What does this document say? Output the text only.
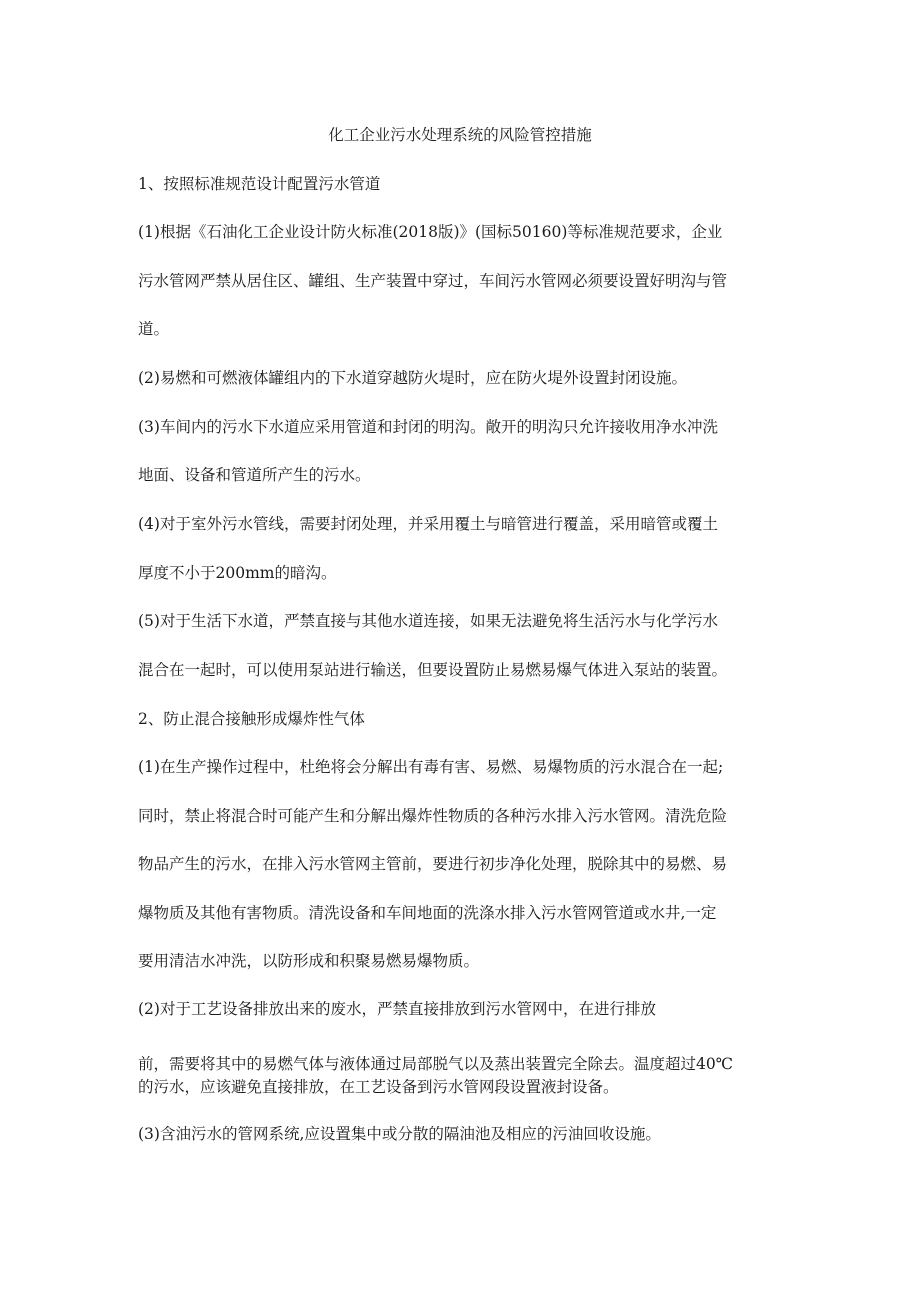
化工企业污水处理系统的风险管控措施
1、按照标准规范设计配置污水管道
(1)根据《石油化工企业设计防火标准(2018版)》(国标50160)等标准规范要求，企业
污水管网严禁从居住区、罐组、生产装置中穿过，车间污水管网必须要设置好明沟与管
道。
(2)易燃和可燃液体罐组内的下水道穿越防火堤时，应在防火堤外设置封闭设施。
(3)车间内的污水下水道应采用管道和封闭的明沟。敞开的明沟只允许接收用净水冲洗
地面、设备和管道所产生的污水。
(4)对于室外污水管线，需要封闭处理，并采用覆土与暗管进行覆盖，采用暗管或覆土
厚度不小于200mm的暗沟。
(5)对于生活下水道，严禁直接与其他水道连接，如果无法避免将生活污水与化学污水
混合在一起时，可以使用泵站进行输送，但要设置防止易燃易爆气体进入泵站的装置。
2、防止混合接触形成爆炸性气体
(1)在生产操作过程中，杜绝将会分解出有毒有害、易燃、易爆物质的污水混合在一起;
同时，禁止将混合时可能产生和分解出爆炸性物质的各种污水排入污水管网。清洗危险
物品产生的污水，在排入污水管网主管前，要进行初步净化处理，脱除其中的易燃、易
爆物质及其他有害物质。清洗设备和车间地面的洗涤水排入污水管网管道或水井,一定
要用清洁水冲洗，以防形成和积聚易燃易爆物质。
(2)对于工艺设备排放出来的废水，严禁直接排放到污水管网中，在进行排放
前，需要将其中的易燃气体与液体通过局部脱气以及蒸出装置完全除去。温度超过40℃
的污水，应该避免直接排放，在工艺设备到污水管网段设置液封设备。
(3)含油污水的管网系统,应设置集中或分散的隔油池及相应的污油回收设施。
